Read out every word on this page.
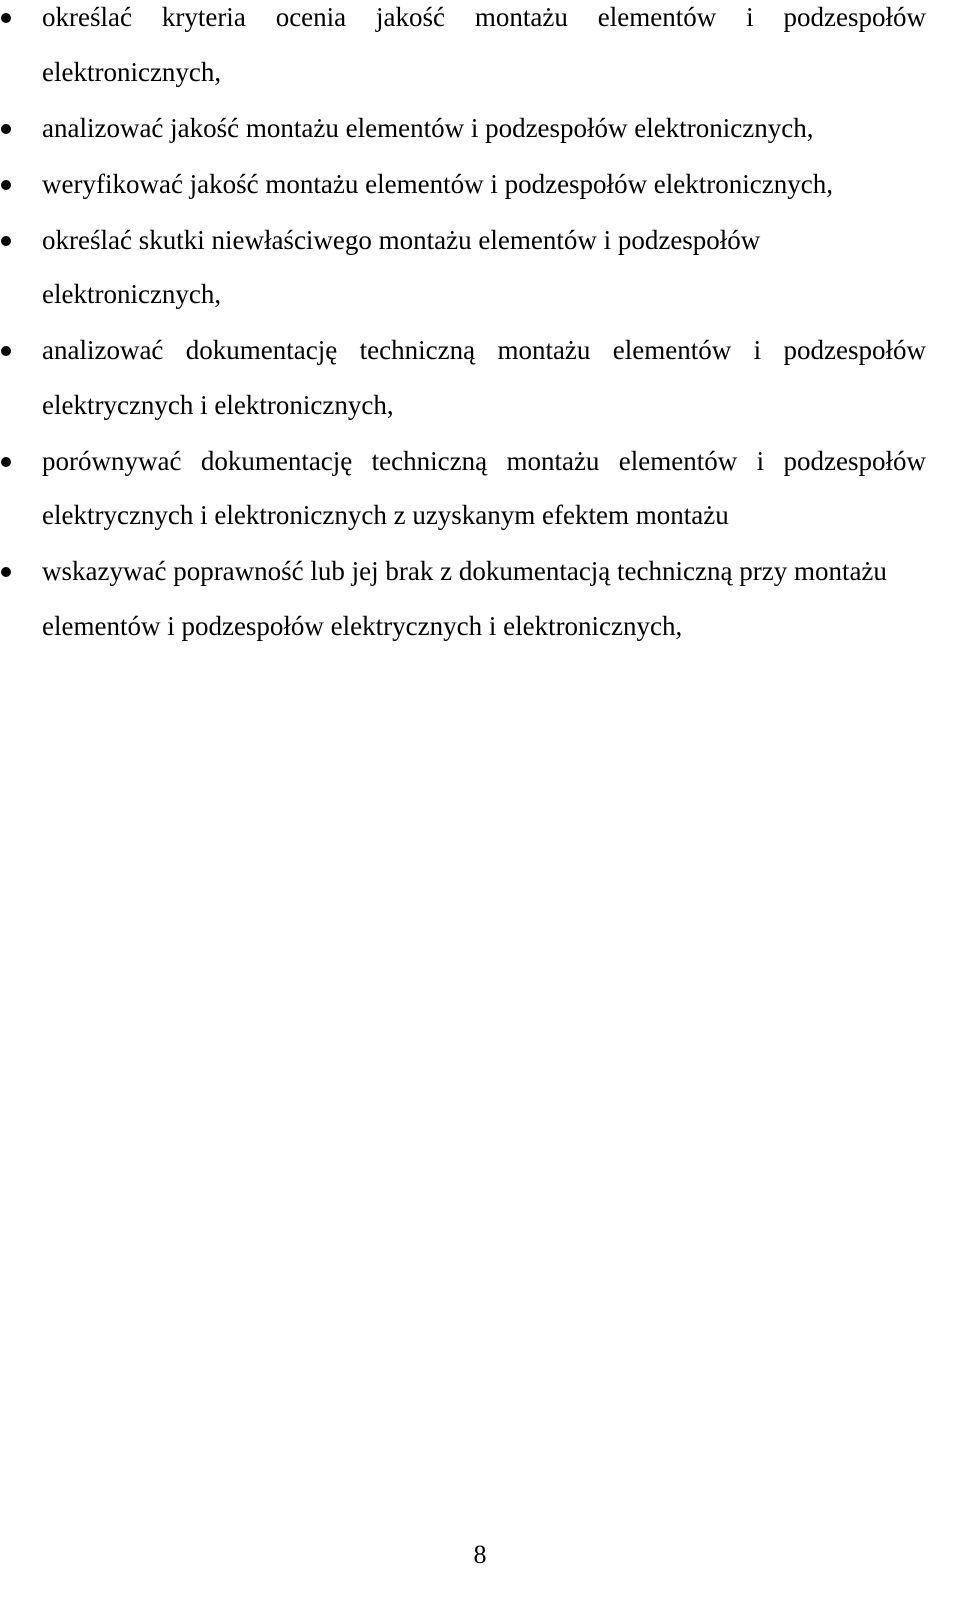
określać kryteria ocenia jakość montażu elementów i podzespołów elektronicznych,
analizować jakość montażu elementów i podzespołów elektronicznych,
weryfikować jakość montażu elementów i podzespołów elektronicznych,
określać skutki niewłaściwego montażu elementów i podzespołów elektronicznych,
analizować dokumentację techniczną montażu elementów i podzespołów elektrycznych i elektronicznych,
porównywać dokumentację techniczną montażu elementów i podzespołów elektrycznych i elektronicznych z uzyskanym efektem montażu
wskazywać poprawność lub jej brak z dokumentacją techniczną przy montażu elementów i podzespołów elektrycznych i elektronicznych,
8
